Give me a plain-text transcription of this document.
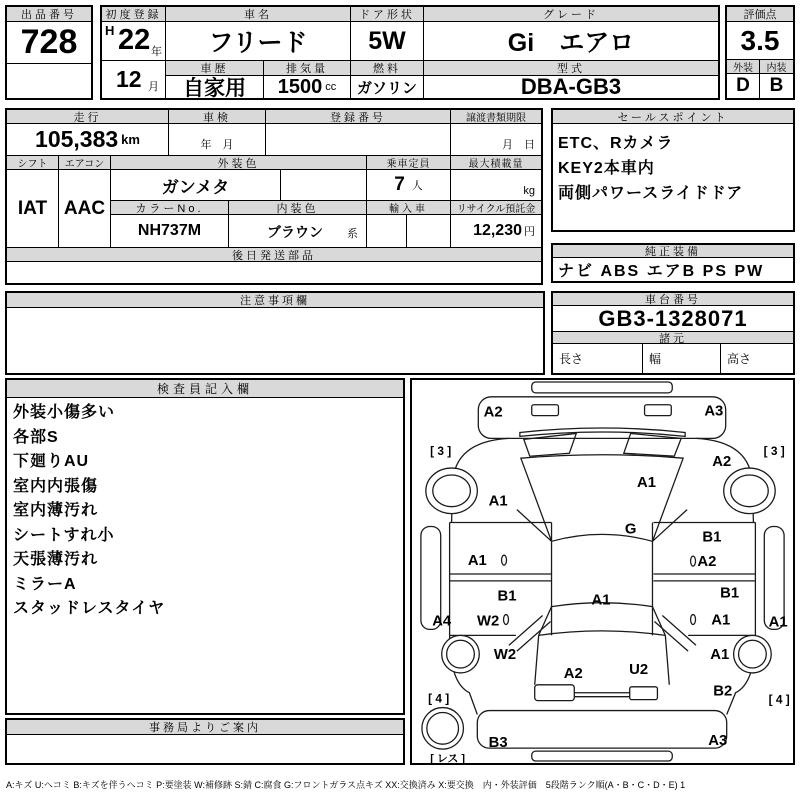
出品番号
728
初度登録	車名	ドア形状	グレード
H 22 年	フリード	5W	Gi　エアロ
12 月
車歴	排気量	燃料	型式
自家用	1500 cc	ガソリン	DBA-GB3
評価点
3.5
外装	内装
D	B
走行	車検	登録番号	譲渡書類期限
105,383 km	年　月	月　日
シフト	エアコン	外装色	乗車定員	最大積載量
IAT AAC
ガンメタ	7 人	kg
カラーNo.	内装色	輸入車	リサイクル預託金
NH737M	ブラウン 系	12,230 円
後日発送部品
セールスポイント
ETC、Rカメラ
KEY2本車内
両側パワースライドドア
純正装備
ナビ ABS エアB PS PW
注意事項欄	車台番号
GB3-1328071
諸元
長さ	幅	高さ
検査員記入欄
外装小傷多い
各部S
下廻りAU
室内内張傷
室内薄汚れ
シートすれ小
天張薄汚れ
ミラーA
スタッドレスタイヤ
事務局よりご案内
A2	A3
[ 3 ]	[ 3 ]
A2
A1
A1
G
A1
B1
A2
B1	A1	B1
A4 W2	A1	A1
W2	A1
A2	U2
B2
[ 4 ]	[ 4 ]
B3	A3
[ レス ]
A:キズ U:ヘコミ B:キズを伴うヘコミ P:要塗装 W:補修跡 S:錆 C:腐食 G:フロントガラス点キズ XX:交換済み X:要交換　内・外装評価　5段階ランク順(A・B・C・D・E) 1
